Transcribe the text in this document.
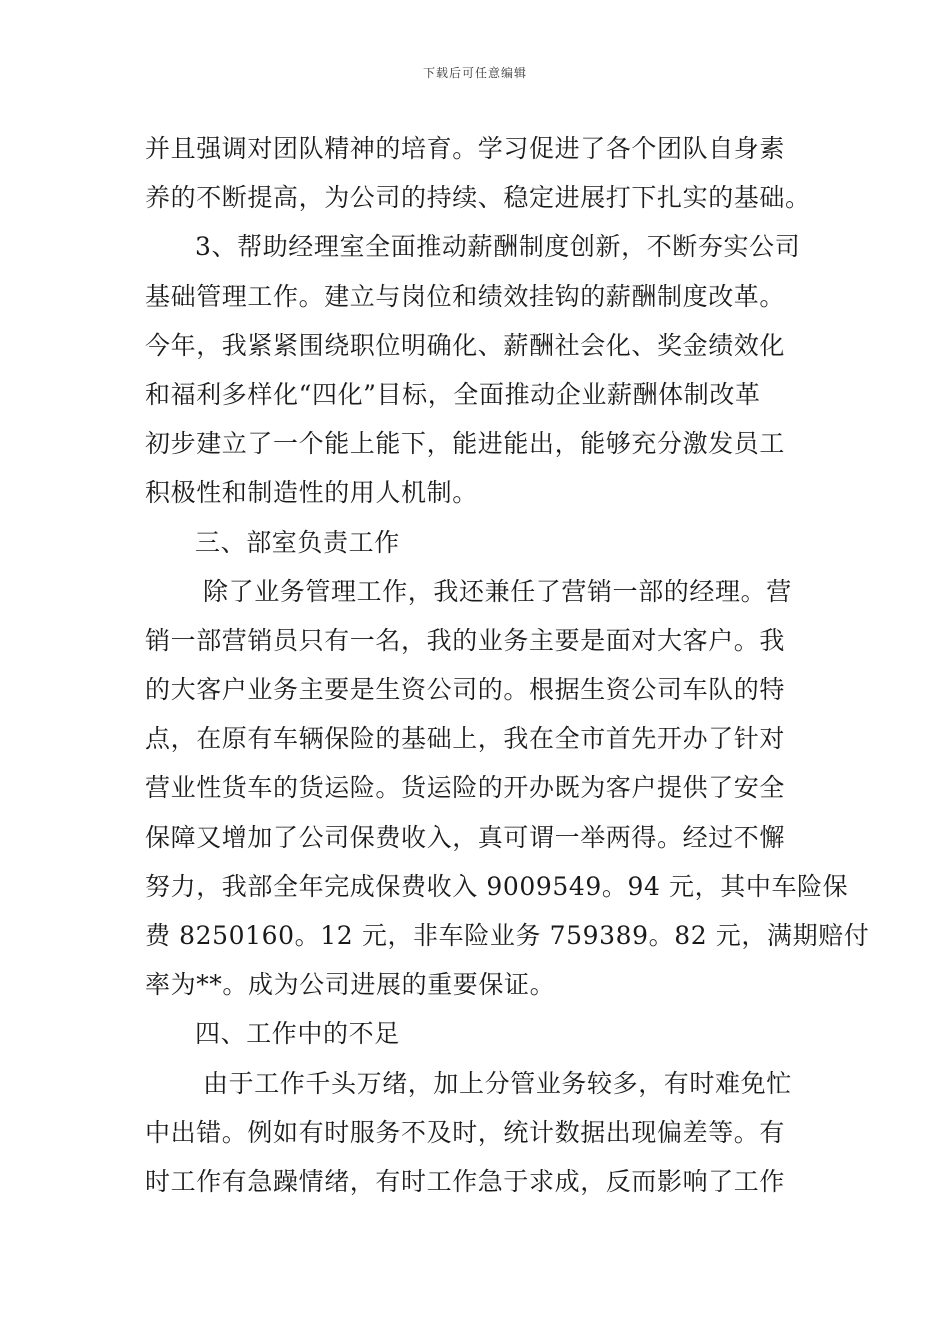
下载后可任意编辑
并且强调对团队精神的培育。学习促进了各个团队自身素
养的不断提高，为公司的持续、稳定进展打下扎实的基础。
3、帮助经理室全面推动薪酬制度创新，不断夯实公司
基础管理工作。建立与岗位和绩效挂钩的薪酬制度改革。
今年，我紧紧围绕职位明确化、薪酬社会化、奖金绩效化
和福利多样化“四化”目标，全面推动企业薪酬体制改革
初步建立了一个能上能下，能进能出，能够充分激发员工
积极性和制造性的用人机制。
三、部室负责工作
除了业务管理工作，我还兼任了营销一部的经理。营
销一部营销员只有一名，我的业务主要是面对大客户。我
的大客户业务主要是生资公司的。根据生资公司车队的特
点，在原有车辆保险的基础上，我在全市首先开办了针对
营业性货车的货运险。货运险的开办既为客户提供了安全
保障又增加了公司保费收入，真可谓一举两得。经过不懈
努力，我部全年完成保费收入 9009549。94 元，其中车险保
费 8250160。12 元，非车险业务 759389。82 元，满期赔付
率为**。成为公司进展的重要保证。
四、工作中的不足
由于工作千头万绪，加上分管业务较多，有时难免忙
中出错。例如有时服务不及时，统计数据出现偏差等。有
时工作有急躁情绪，有时工作急于求成，反而影响了工作
